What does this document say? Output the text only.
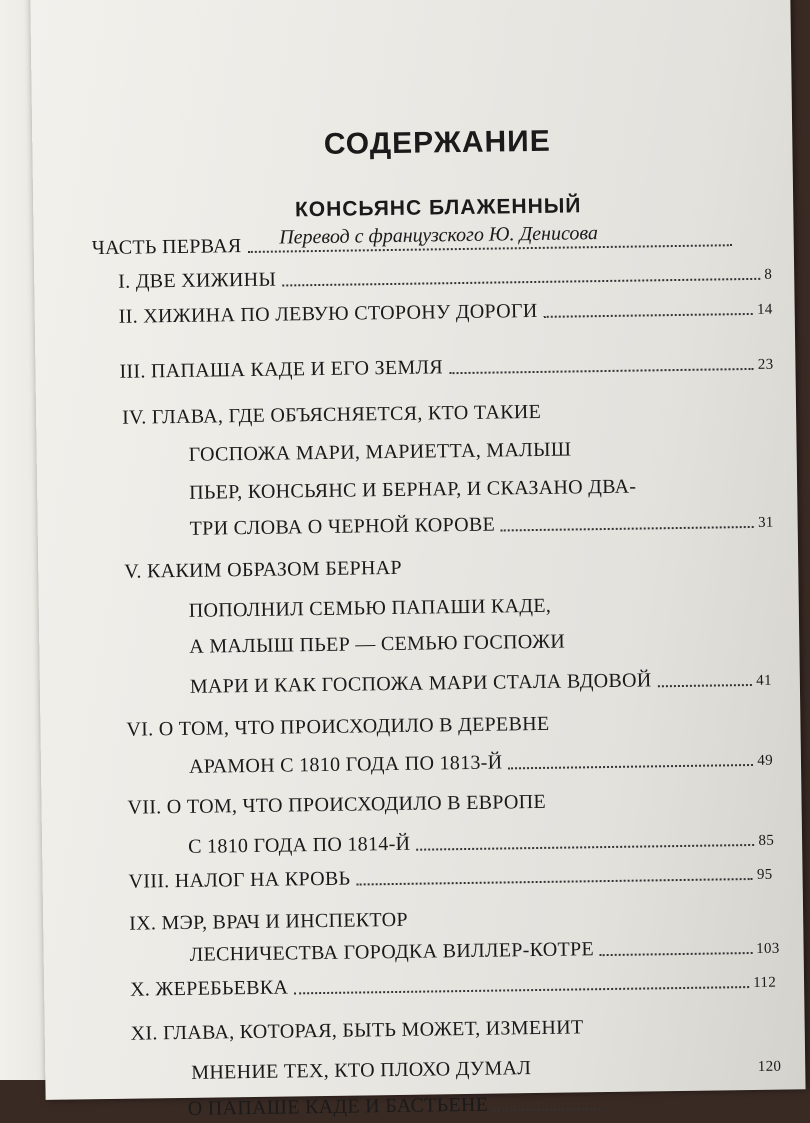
СОДЕРЖАНИЕ
КОНСЬЯНС БЛАЖЕННЫЙ
Перевод с французского Ю. Денисова
ЧАСТЬ ПЕРВАЯ
I. ДВЕ ХИЖИНЫ	8
II. ХИЖИНА ПО ЛЕВУЮ СТОРОНУ ДОРОГИ	14
III. ПАПАША КАДЕ И ЕГО ЗЕМЛЯ	23
IV. ГЛАВА, ГДЕ ОБЪЯСНЯЕТСЯ, КТО ТАКИЕ
ГОСПОЖА МАРИ, МАРИЕТТА, МАЛЫШ
ПЬЕР, КОНСЬЯНС И БЕРНАР, И СКАЗАНО ДВА-
ТРИ СЛОВА О ЧЕРНОЙ КОРОВЕ	31
V. КАКИМ ОБРАЗОМ БЕРНАР
ПОПОЛНИЛ СЕМЬЮ ПАПАШИ КАДЕ,
А МАЛЫШ ПЬЕР — СЕМЬЮ ГОСПОЖИ
МАРИ И КАК ГОСПОЖА МАРИ СТАЛА ВДОВОЙ	41
VI. О ТОМ, ЧТО ПРОИСХОДИЛО В ДЕРЕВНЕ
АРАМОН С 1810 ГОДА ПО 1813-Й	49
VII. О ТОМ, ЧТО ПРОИСХОДИЛО В ЕВРОПЕ
С 1810 ГОДА ПО 1814-Й	85
VIII. НАЛОГ НА КРОВЬ	95
IX. МЭР, ВРАЧ И ИНСПЕКТОР
ЛЕСНИЧЕСТВА ГОРОДКА ВИЛЛЕР-КОТРЕ	103
X. ЖЕРЕБЬЕВКА	112
XI. ГЛАВА, КОТОРАЯ, БЫТЬ МОЖЕТ, ИЗМЕНИТ
МНЕНИЕ ТЕХ, КТО ПЛОХО ДУМАЛ	120
О ПАПАШЕ КАДЕ И БАСТЬЕНЕ
